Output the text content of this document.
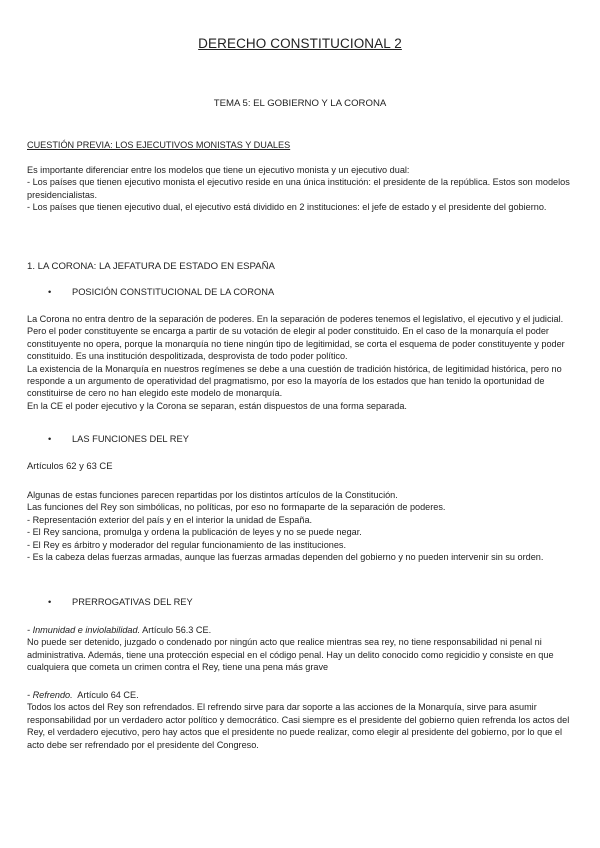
DERECHO CONSTITUCIONAL 2
TEMA 5: EL GOBIERNO Y LA CORONA
CUESTIÓN PREVIA: LOS EJECUTIVOS MONISTAS Y DUALES

Es importante diferenciar entre los modelos que tiene un ejecutivo monista y un ejecutivo dual:

- Los países que tienen ejecutivo monista el ejecutivo reside en una única institución: el presidente de la república. Estos son modelos presidencialistas.

- Los países que tienen ejecutivo dual, el ejecutivo está dividido en 2 instituciones: el jefe de estado y el presidente del gobierno.

1. LA CORONA: LA JEFATURA DE ESTADO EN ESPAÑA
•	POSICIÓN CONSTITUCIONAL DE LA CORONA

La Corona no entra dentro de la separación de poderes. En la separación de poderes tenemos el legislativo, el ejecutivo y el judicial. Pero el poder constituyente se encarga a partir de su votación de elegir al poder constituido. En el caso de la monarquía el poder constituyente no opera, porque la monarquía no tiene ningún tipo de legitimidad, se corta el esquema de poder constituyente y poder constituido. Es una institución despolitizada, desprovista de todo poder político.

La existencia de la Monarquía en nuestros regímenes se debe a una cuestión de tradición histórica, de legitimidad histórica, pero no responde a un argumento de operatividad del pragmatismo, por eso la mayoría de los estados que han tenido la oportunidad de constituirse de cero no han elegido este modelo de monarquía.

En la CE el poder ejecutivo y la Corona se separan, están dispuestos de una forma separada.

•	LAS FUNCIONES DEL REY
Artículos 62 y 63 CE

Algunas de estas funciones parecen repartidas por los distintos artículos de la Constitución.

Las funciones del Rey son simbólicas, no políticas, por eso no formaparte de la separación de poderes.

- Representación exterior del país y en el interior la unidad de España.

- El Rey sanciona, promulga y ordena la publicación de leyes y no se puede negar.

- El Rey es árbitro y moderador del regular funcionamiento de las instituciones.

- Es la cabeza delas fuerzas armadas, aunque las fuerzas armadas dependen del gobierno y no pueden intervenir sin su orden.

•	PRERROGATIVAS DEL REY

- Inmunidad e inviolabilidad. Artículo 56.3 CE.

No puede ser detenido, juzgado o condenado por ningún acto que realice mientras sea rey, no tiene responsabilidad ni penal ni administrativa. Además, tiene una protección especial en el código penal. Hay un delito conocido como regicidio y consiste en que cualquiera que cometa un crimen contra el Rey, tiene una pena más grave

- Refrendo. Artículo 64 CE.

Todos los actos del Rey son refrendados. El refrendo sirve para dar soporte a las acciones de la Monarquía, sirve para asumir responsabilidad por un verdadero actor político y democrático. Casi siempre es el presidente del gobierno quien refrenda los actos del Rey, el verdadero ejecutivo, pero hay actos que el presidente no puede realizar, como elegir al presidente del gobierno, por lo que el acto debe ser refrendado por el presidente del Congreso.
